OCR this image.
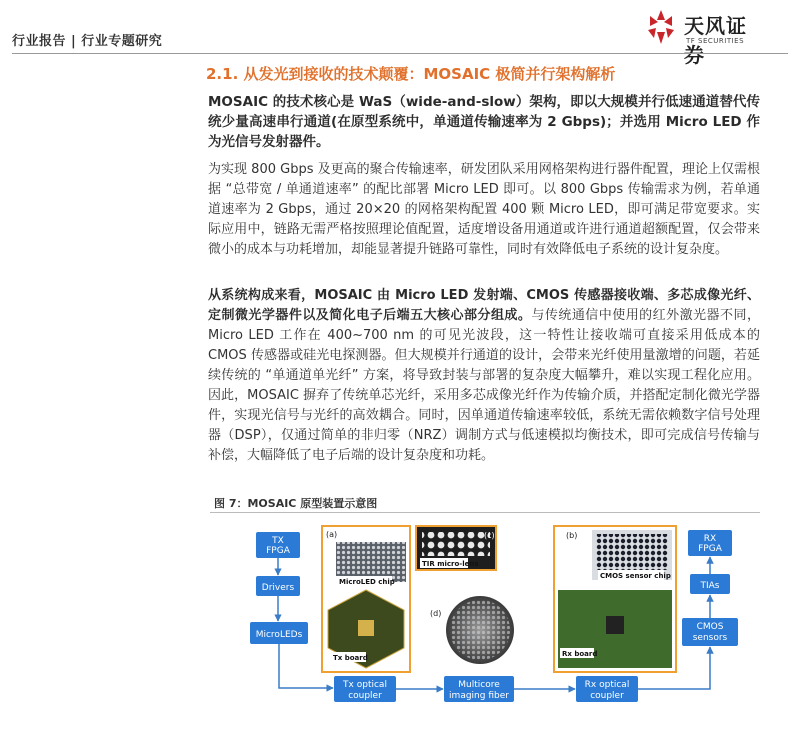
行业报告 | 行业专题研究
天风证券
TF SECURITIES
2.1. 从发光到接收的技术颠覆：MOSAIC 极简并行架构解析
MOSAIC 的技术核心是 WaS（wide-and-slow）架构，即以大规模并行低速通道替代传统少量高速串行通道(在原型系统中，单通道传输速率为 2 Gbps)；并选用 Micro LED 作为光信号发射器件。
为实现 800 Gbps 及更高的聚合传输速率，研发团队采用网格架构进行器件配置，理论上仅需根据 “总带宽 / 单通道速率” 的配比部署 Micro LED 即可。以 800 Gbps 传输需求为例，若单通道速率为 2 Gbps，通过 20×20 的网格架构配置 400 颗 Micro LED，即可满足带宽要求。实际应用中，链路无需严格按照理论值配置，适度增设备用通道或许进行通道超额配置，仅会带来微小的成本与功耗增加，却能显著提升链路可靠性，同时有效降低电子系统的设计复杂度。
从系统构成来看，MOSAIC 由 Micro LED 发射端、CMOS 传感器接收端、多芯成像光纤、定制微光学器件以及简化电子后端五大核心部分组成。与传统通信中使用的红外激光器不同，Micro LED 工作在 400~700 nm 的可见光波段，这一特性让接收端可直接采用低成本的 CMOS 传感器或硅光电探测器。但大规模并行通道的设计，会带来光纤使用量激增的问题，若延续传统的 “单通道单光纤” 方案，将导致封装与部署的复杂度大幅攀升，难以实现工程化应用。因此，MOSAIC 摒弃了传统单芯光纤，采用多芯成像光纤作为传输介质，并搭配定制化微光学器件，实现光信号与光纤的高效耦合。同时，因单通道传输速率较低，系统无需依赖数字信号处理器（DSP），仅通过简单的非归零（NRZ）调制方式与低速模拟均衡技术，即可完成信号传输与补偿，大幅降低了电子后端的设计复杂度和功耗。
图 7：MOSAIC 原型装置示意图
TX
FPGA
Drivers
MicroLEDs
Tx optical
coupler
Multicore
imaging fiber
Rx optical
coupler
CMOS
sensors
TIAs
RX
FPGA
(a)
MicroLED chip
Tx board
(c)
TIR micro-lens
(d)
(b)
CMOS sensor chip
Rx board
